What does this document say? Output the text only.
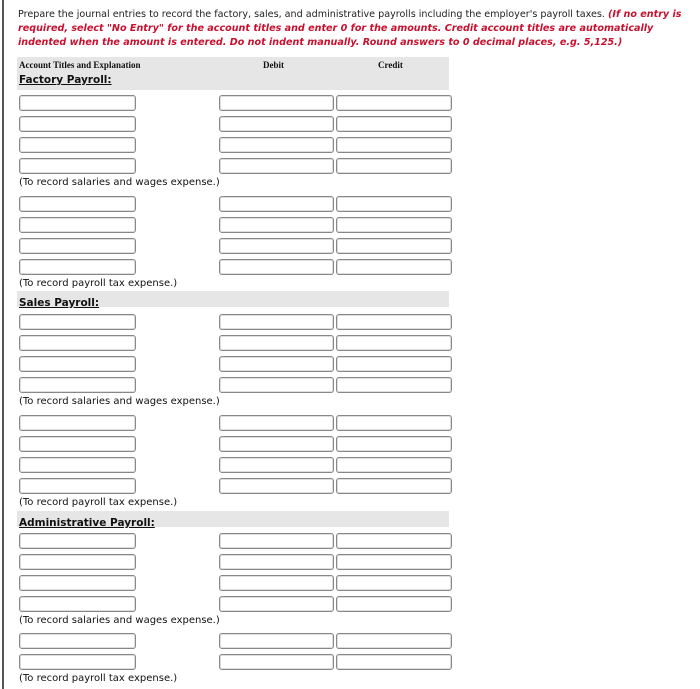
Prepare the journal entries to record the factory, sales, and administrative payrolls including the employer's payroll taxes. (If no entry is required, select "No Entry" for the account titles and enter 0 for the amounts. Credit account titles are automatically indented when the amount is entered. Do not indent manually. Round answers to 0 decimal places, e.g. 5,125.)
Account Titles and Explanation	Debit	Credit
Factory Payroll:
(To record salaries and wages expense.)
(To record payroll tax expense.)
Sales Payroll:
(To record salaries and wages expense.)
(To record payroll tax expense.)
Administrative Payroll:
(To record salaries and wages expense.)
(To record payroll tax expense.)
